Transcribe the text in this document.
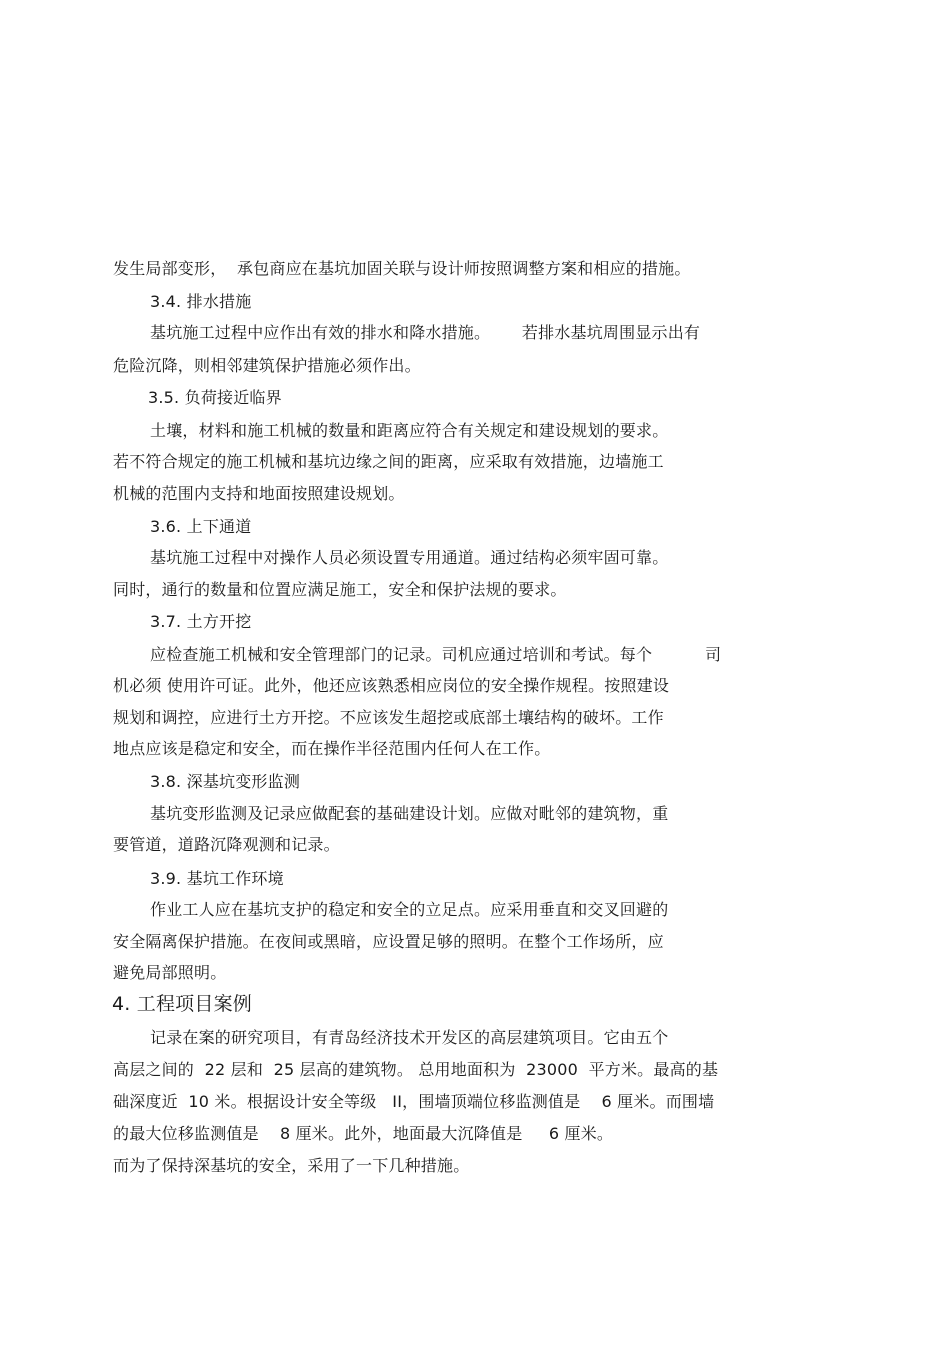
发生局部变形，  承包商应在基坑加固关联与设计师按照调整方案和相应的措施。
3.4. 排水措施
基坑施工过程中应作出有效的排水和降水措施。      若排水基坑周围显示出有
危险沉降，则相邻建筑保护措施必须作出。
3.5. 负荷接近临界
土壤，材料和施工机械的数量和距离应符合有关规定和建设规划的要求。
若不符合规定的施工机械和基坑边缘之间的距离，应采取有效措施，边墙施工
机械的范围内支持和地面按照建设规划。
3.6. 上下通道
基坑施工过程中对操作人员必须设置专用通道。通过结构必须牢固可靠。
同时，通行的数量和位置应满足施工，安全和保护法规的要求。
3.7. 土方开挖
应检查施工机械和安全管理部门的记录。司机应通过培训和考试。每个          司
机必须 使用许可证。此外，他还应该熟悉相应岗位的安全操作规程。按照建设
规划和调控，应进行土方开挖。不应该发生超挖或底部土壤结构的破坏。工作
地点应该是稳定和安全，而在操作半径范围内任何人在工作。
3.8. 深基坑变形监测
基坑变形监测及记录应做配套的基础建设计划。应做对毗邻的建筑物，重
要管道，道路沉降观测和记录。
3.9. 基坑工作环境
作业工人应在基坑支护的稳定和安全的立足点。应采用垂直和交叉回避的
安全隔离保护措施。在夜间或黑暗，应设置足够的照明。在整个工作场所，应
避免局部照明。
4. 工程项目案例
记录在案的研究项目，有青岛经济技术开发区的高层建筑项目。它由五个
高层之间的  22 层和  25 层高的建筑物。 总用地面积为  23000  平方米。最高的基
础深度近  10 米。根据设计安全等级   II，围墙顶端位移监测值是    6 厘米。而围墙
的最大位移监测值是    8 厘米。此外，地面最大沉降值是     6 厘米。
而为了保持深基坑的安全，采用了一下几种措施。
